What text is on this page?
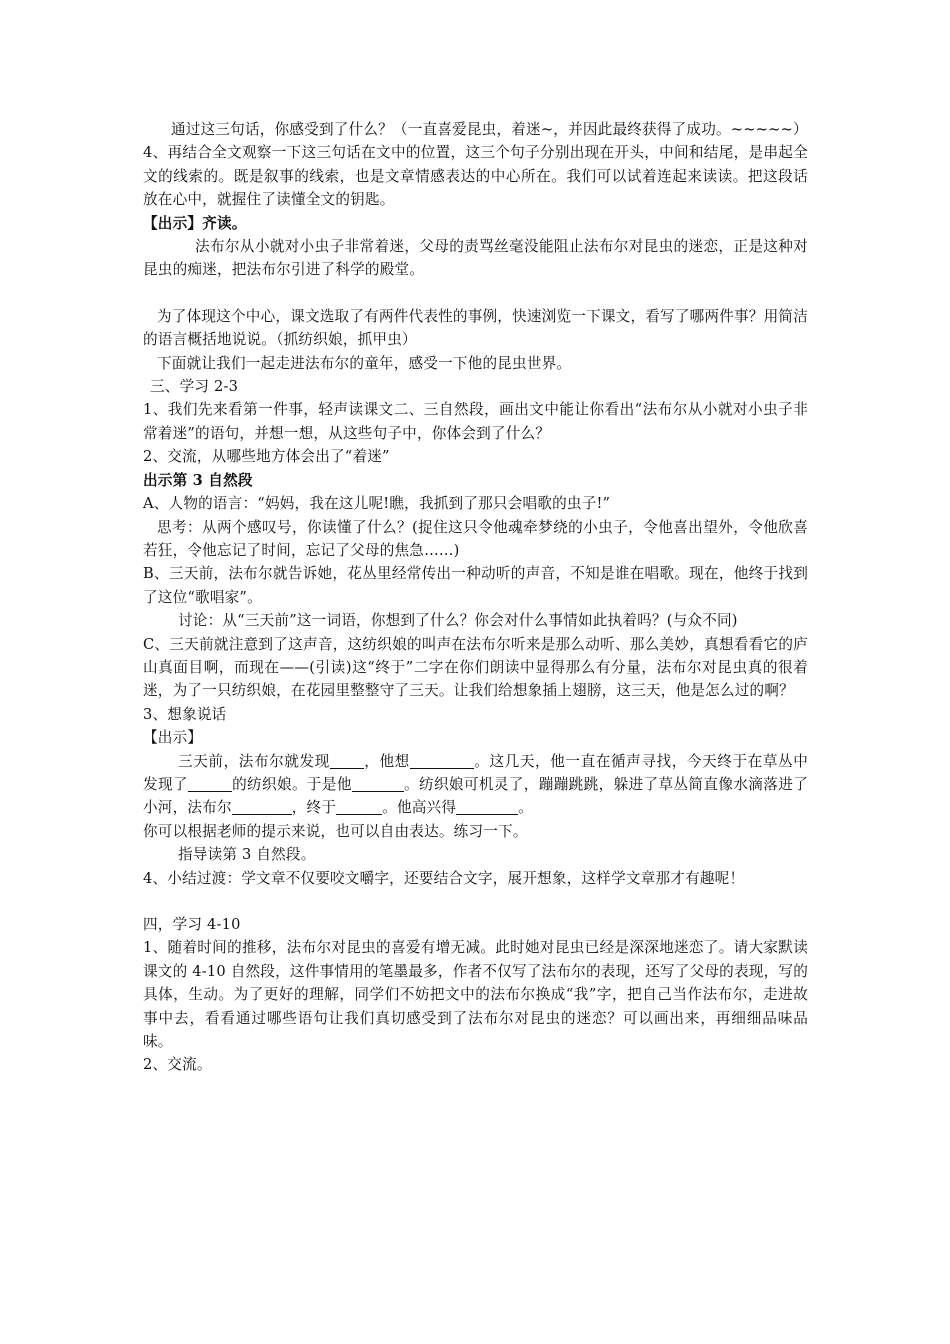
通过这三句话，你感受到了什么？（一直喜爱昆虫，着迷~，并因此最终获得了成功。~~~~~）

4、再结合全文观察一下这三句话在文中的位置，这三个句子分别出现在开头，中间和结尾，是串起全文的线索的。既是叙事的线索，也是文章情感表达的中心所在。我们可以试着连起来读读。把这段话放在心中，就握住了读懂全文的钥匙。

【出示】齐读。

法布尔从小就对小虫子非常着迷，父母的责骂丝毫没能阻止法布尔对昆虫的迷恋，正是这种对昆虫的痴迷，把法布尔引进了科学的殿堂。

为了体现这个中心，课文选取了有两件代表性的事例，快速浏览一下课文，看写了哪两件事？用简洁的语言概括地说说。（抓纺织娘，抓甲虫）

下面就让我们一起走进法布尔的童年，感受一下他的昆虫世界。

三、学习 2-3

1、我们先来看第一件事，轻声读课文二、三自然段，画出文中能让你看出“法布尔从小就对小虫子非常着迷”的语句，并想一想，从这些句子中，你体会到了什么？

2、交流，从哪些地方体会出了“着迷”

出示第 3 自然段

A、人物的语言：“妈妈，我在这儿呢!瞧，我抓到了那只会唱歌的虫子!”

思考：从两个感叹号，你读懂了什么？(捉住这只令他魂牵梦绕的小虫子，令他喜出望外，令他欣喜若狂，令他忘记了时间，忘记了父母的焦急……)

B、三天前，法布尔就告诉她，花丛里经常传出一种动听的声音，不知是谁在唱歌。现在，他终于找到了这位“歌唱家”。

讨论：从“三天前”这一词语，你想到了什么？你会对什么事情如此执着吗？(与众不同)

C、三天前就注意到了这声音，这纺织娘的叫声在法布尔听来是那么动听、那么美妙，真想看看它的庐山真面目啊，而现在——(引读)这“终于”二字在你们朗读中显得那么有分量，法布尔对昆虫真的很着迷，为了一只纺织娘，在花园里整整守了三天。让我们给想象插上翅膀，这三天，他是怎么过的啊？

3、想象说话

【出示】

三天前，法布尔就发现 ，他想	。这几天，他一直在循声寻找，今天终于在草丛中发现了	的纺织娘。于是他	。纺织娘可机灵了，蹦蹦跳跳，躲进了草丛简直像水滴落进了小河，法布尔	，终于	。他高兴得	。

你可以根据老师的提示来说，也可以自由表达。练习一下。

指导读第 3 自然段。

4、小结过渡：学文章不仅要咬文嚼字，还要结合文字，展开想象，这样学文章那才有趣呢！

四，学习 4-10

1、随着时间的推移，法布尔对昆虫的喜爱有增无减。此时她对昆虫已经是深深地迷恋了。请大家默读课文的 4-10 自然段，这件事情用的笔墨最多，作者不仅写了法布尔的表现，还写了父母的表现，写的具体，生动。为了更好的理解，同学们不妨把文中的法布尔换成“我”字，把自己当作法布尔，走进故事中去，看看通过哪些语句让我们真切感受到了法布尔对昆虫的迷恋？可以画出来，再细细品味品味。

2、交流。
